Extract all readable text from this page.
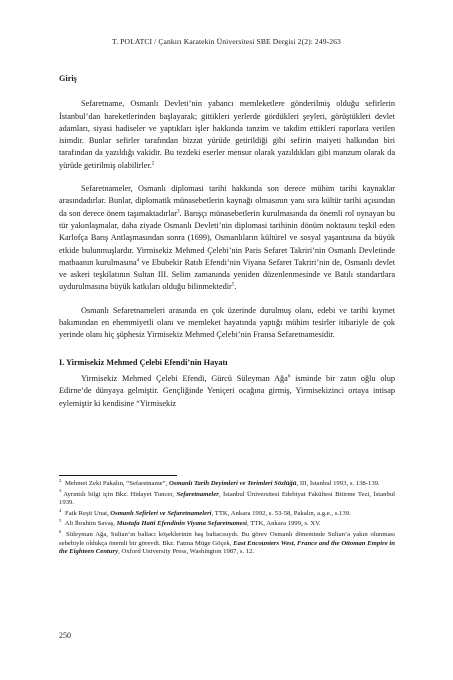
T. POLATCI / Çankırı Karatekin Üniversitesi SBE Dergisi 2(2): 249-263
Giriş

Sefaretname, Osmanlı Devleti’nin yabancı memleketlere gönderilmiş olduğu sefirlerin İstanbul’dan hareketlerinden başlayarak; gittikleri yerlerde gördükleri şeyleri, görüştükleri devlet adamları, siyasi hadiseler ve yaptıkları işler hakkında tanzim ve takdim ettikleri raporlara verilen isimdir. Bunlar sefirler tarafından bizzat yürüde getirildiği gibi sefirin maiyeti halkından biri tarafından da yazıldığı vakidir. Bu tezdeki eserler mensur olarak yazıldıkları gibi manzum olarak da yürüde getirilmiş olabilirler.$^2$

Sefaretnameler, Osmanlı diplomasi tarihi hakkında son derece mühim tarihi kaynaklar arasındadırlar. Bunlar, diplomatik münasebetlerin kaynağı olmasının yanı sıra kültür tarihi açısından da son derece önem taşımaktadırlar$^3$. Barışçı münasebetlerin kurulmasında da önemli rol oynayan bu tür yakınlaşmalar, daha ziyade Osmanlı Devleti’nin diplomasi tarihinin dönüm noktasını teşkil eden Karlofça Barış Antlaşmasından sonra (1699), Osmanlıların kültürel ve sosyal yaşantısına da büyük etkide bulunmuşlardır. Yirmisekiz Mehmed Çelebi’nin Paris Sefaret Takriri’nin Osmanlı Devletinde matbaanın kurulmasına$^4$ ve Ebubekir Ratıb Efendi’nin Viyana Sefaret Takriri’nin de, Osmanlı devlet ve askeri teşkilatının Sultan III. Selim zamanında yeniden düzenlenmesinde ve Batılı standartlara uydurulmasına büyük katkıları olduğu bilinmektedir$^5$.

Osmanlı Sefaretnameleri arasında en çok üzerinde durulmuş olanı, edebi ve tarihi kıymet bakımından en ehemmiyetli olanı ve memleket hayatında yaptığı mühim tesirler itibariyle de çok yerinde olanı hiç şüphesiz Yirmisekiz Mehmed Çelebi’nin Fransa Sefaretnamesidir.

I. Yirmisekiz Mehmed Çelebi Efendi’nin Hayatı

Yirmisekiz Mehmed Çelebi Efendi, Gürcü Süleyman Ağa$^6$ isminde bir zatın oğlu olup Edirne’de dünyaya gelmiştir. Gençliğinde Yeniçeri ocağına girmiş, Yirmisekizinci ortaya intisap eylemiştir ki kendisine “Yirmisekiz

$^2$ Mehmet Zeki Pakalın, “Sefaretname”, Osmanlı Tarih Deyimleri ve Terimleri Sözlüğü, III, İstanbul 1993, s. 138-139.

$^3$ Ayrıntılı bilgi için Bkz. Hidayet Tuncer, Sefaretnameler, İstanbul Üniversitesi Edebiyat Fakültesi Bitirme Tezi, İstanbul 1939.

$^4$ Faik Reşit Unat, Osmanlı Sefirleri ve Sefaretnameleri, TTK, Ankara 1992, s. 53-58, Pakalın, a.g.e., s.139.

$^5$ Ali İbrahim Savaş, Mustafa Hatti Efendinin Viyana Sefaretnamesi, TTK, Ankara 1999, s. XV.

$^6$ Süleyman Ağa, Sultan’ın baltacı köşeklerinin baş baltacısıydı. Bu görev Osmanlı döneminde Sultan’a yakın olunması sebebiyle oldukça önemli bir görevdi. Bkz. Fatma Müge Göçek, East Encounters West, France and the Ottoman Empire in the Eighteen Century, Oxford University Press, Washington 1987, s. 12.

250
